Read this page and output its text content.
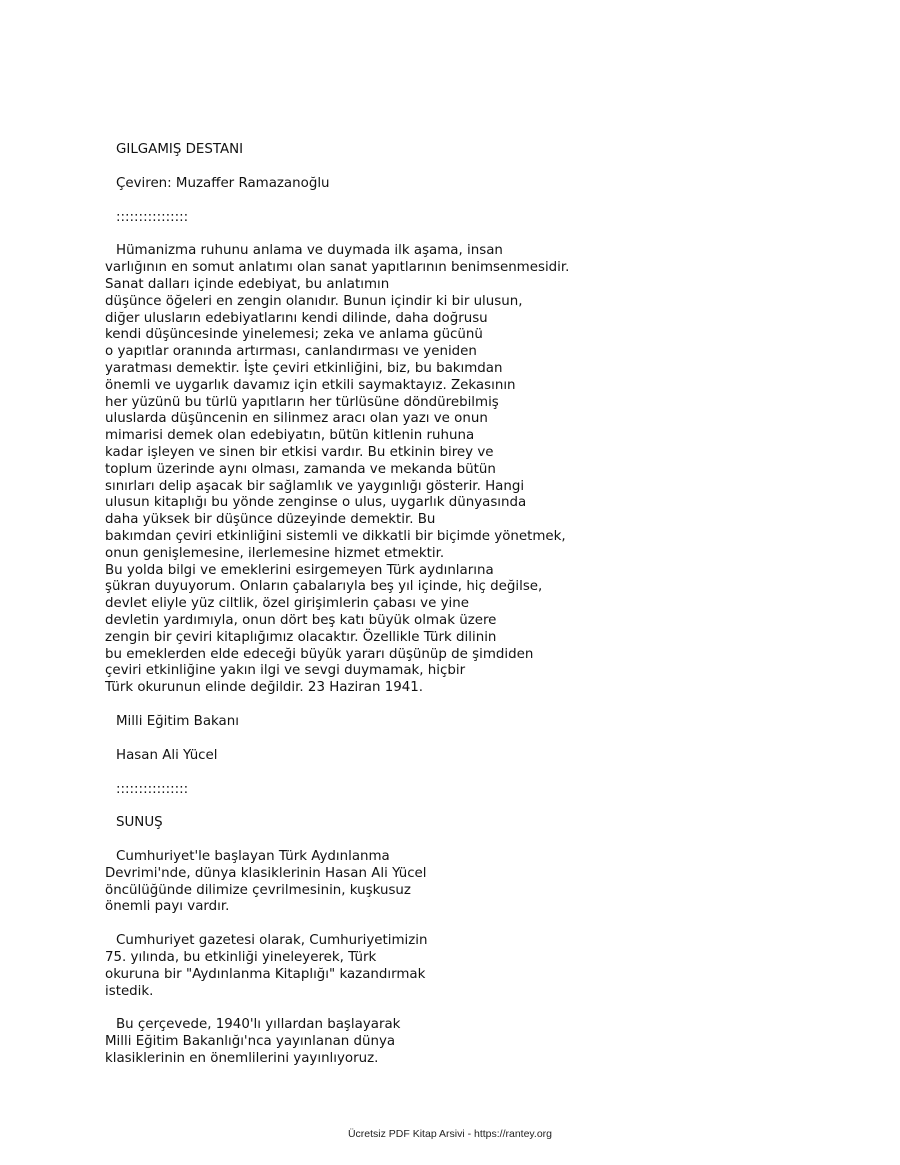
GILGAMIŞ DESTANI
Çeviren: Muzaffer Ramazanoğlu
::::::::::::::::
Hümanizma ruhunu anlama ve duymada ilk aşama, insan
varlığının en somut anlatımı olan sanat yapıtlarının benimsenmesidir.
Sanat dalları içinde edebiyat, bu anlatımın
düşünce öğeleri en zengin olanıdır. Bunun içindir ki bir ulusun,
diğer ulusların edebiyatlarını kendi dilinde, daha doğrusu
kendi düşüncesinde yinelemesi; zeka ve anlama gücünü
o yapıtlar oranında artırması, canlandırması ve yeniden
yaratması demektir. İşte çeviri etkinliğini, biz, bu bakımdan
önemli ve uygarlık davamız için etkili saymaktayız. Zekasının
her yüzünü bu türlü yapıtların her türlüsüne döndürebilmiş
uluslarda düşüncenin en silinmez aracı olan yazı ve onun
mimarisi demek olan edebiyatın, bütün kitlenin ruhuna
kadar işleyen ve sinen bir etkisi vardır. Bu etkinin birey ve
toplum üzerinde aynı olması, zamanda ve mekanda bütün
sınırları delip aşacak bir sağlamlık ve yaygınlığı gösterir. Hangi
ulusun kitaplığı bu yönde zenginse o ulus, uygarlık dünyasında
daha yüksek bir düşünce düzeyinde demektir. Bu
bakımdan çeviri etkinliğini sistemli ve dikkatli bir biçimde yönetmek,
onun genişlemesine, ilerlemesine hizmet etmektir.
Bu yolda bilgi ve emeklerini esirgemeyen Türk aydınlarına
şükran duyuyorum. Onların çabalarıyla beş yıl içinde, hiç değilse,
devlet eliyle yüz ciltlik, özel girişimlerin çabası ve yine
devletin yardımıyla, onun dört beş katı büyük olmak üzere
zengin bir çeviri kitaplığımız olacaktır. Özellikle Türk dilinin
bu emeklerden elde edeceği büyük yararı düşünüp de şimdiden
çeviri etkinliğine yakın ilgi ve sevgi duymamak, hiçbir
Türk okurunun elinde değildir. 23 Haziran 1941.
Milli Eğitim Bakanı
Hasan Ali Yücel
::::::::::::::::
SUNUŞ
Cumhuriyet'le başlayan Türk Aydınlanma
Devrimi'nde, dünya klasiklerinin Hasan Ali Yücel
öncülüğünde dilimize çevrilmesinin, kuşkusuz
önemli payı vardır.
Cumhuriyet gazetesi olarak, Cumhuriyetimizin
75. yılında, bu etkinliği yineleyerek, Türk
okuruna bir "Aydınlanma Kitaplığı" kazandırmak
istedik.
Bu çerçevede, 1940'lı yıllardan başlayarak
Milli Eğitim Bakanlığı'nca yayınlanan dünya
klasiklerinin en önemlilerini yayınlıyoruz.
Ücretsiz PDF Kitap Arsivi - https://rantey.org
